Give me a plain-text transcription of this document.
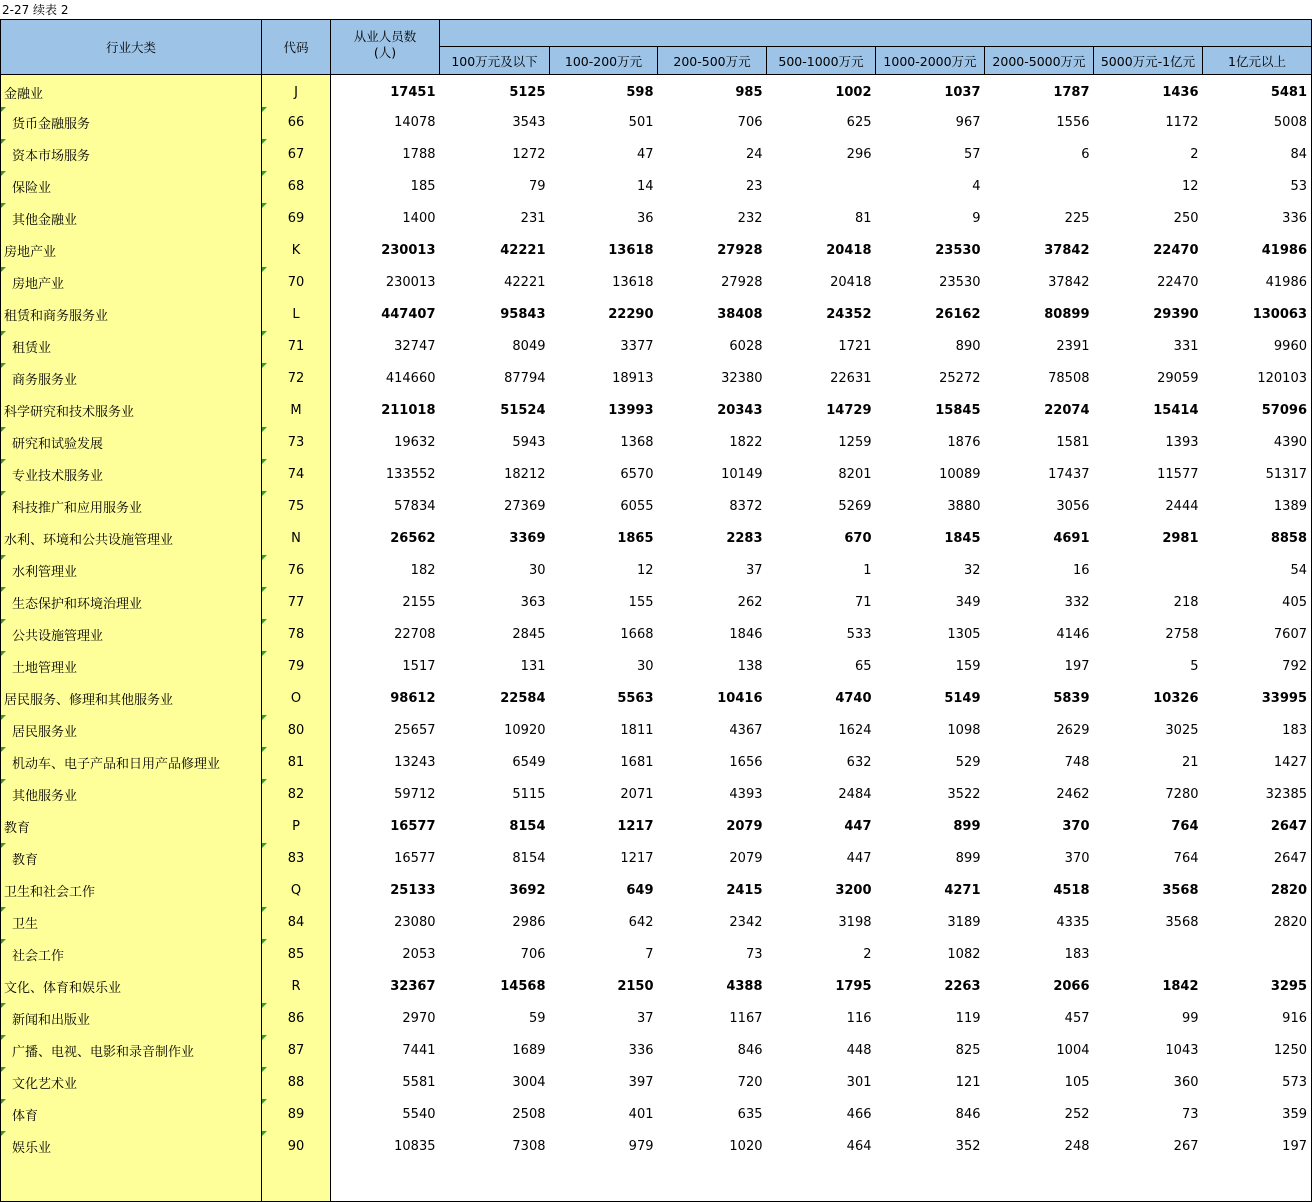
2-27 续表 2
行业大类	代码	从业人员数
(人)								
			100万元及以下	100-200万元	200-500万元	500-1000万元	1000-2000万元	2000-5000万元	5000万元-1亿元	1亿元以上
金融业	J	17451	5125	598	985	1002	1037	1787	1436	5481
货币金融服务	66	14078	3543	501	706	625	967	1556	1172	5008
资本市场服务	67	1788	1272	47	24	296	57	6	2	84
保险业	68	185	79	14	23		4		12	53
其他金融业	69	1400	231	36	232	81	9	225	250	336
房地产业	K	230013	42221	13618	27928	20418	23530	37842	22470	41986
房地产业	70	230013	42221	13618	27928	20418	23530	37842	22470	41986
租赁和商务服务业	L	447407	95843	22290	38408	24352	26162	80899	29390	130063
租赁业	71	32747	8049	3377	6028	1721	890	2391	331	9960
商务服务业	72	414660	87794	18913	32380	22631	25272	78508	29059	120103
科学研究和技术服务业	M	211018	51524	13993	20343	14729	15845	22074	15414	57096
研究和试验发展	73	19632	5943	1368	1822	1259	1876	1581	1393	4390
专业技术服务业	74	133552	18212	6570	10149	8201	10089	17437	11577	51317
科技推广和应用服务业	75	57834	27369	6055	8372	5269	3880	3056	2444	1389
水利、环境和公共设施管理业	N	26562	3369	1865	2283	670	1845	4691	2981	8858
水利管理业	76	182	30	12	37	1	32	16		54
生态保护和环境治理业	77	2155	363	155	262	71	349	332	218	405
公共设施管理业	78	22708	2845	1668	1846	533	1305	4146	2758	7607
土地管理业	79	1517	131	30	138	65	159	197	5	792
居民服务、修理和其他服务业	O	98612	22584	5563	10416	4740	5149	5839	10326	33995
居民服务业	80	25657	10920	1811	4367	1624	1098	2629	3025	183
机动车、电子产品和日用产品修理业	81	13243	6549	1681	1656	632	529	748	21	1427
其他服务业	82	59712	5115	2071	4393	2484	3522	2462	7280	32385
教育	P	16577	8154	1217	2079	447	899	370	764	2647
教育	83	16577	8154	1217	2079	447	899	370	764	2647
卫生和社会工作	Q	25133	3692	649	2415	3200	4271	4518	3568	2820
卫生	84	23080	2986	642	2342	3198	3189	4335	3568	2820
社会工作	85	2053	706	7	73	2	1082	183		
文化、体育和娱乐业	R	32367	14568	2150	4388	1795	2263	2066	1842	3295
新闻和出版业	86	2970	59	37	1167	116	119	457	99	916
广播、电视、电影和录音制作业	87	7441	1689	336	846	448	825	1004	1043	1250
文化艺术业	88	5581	3004	397	720	301	121	105	360	573
体育	89	5540	2508	401	635	466	846	252	73	359
娱乐业	90	10835	7308	979	1020	464	352	248	267	197
